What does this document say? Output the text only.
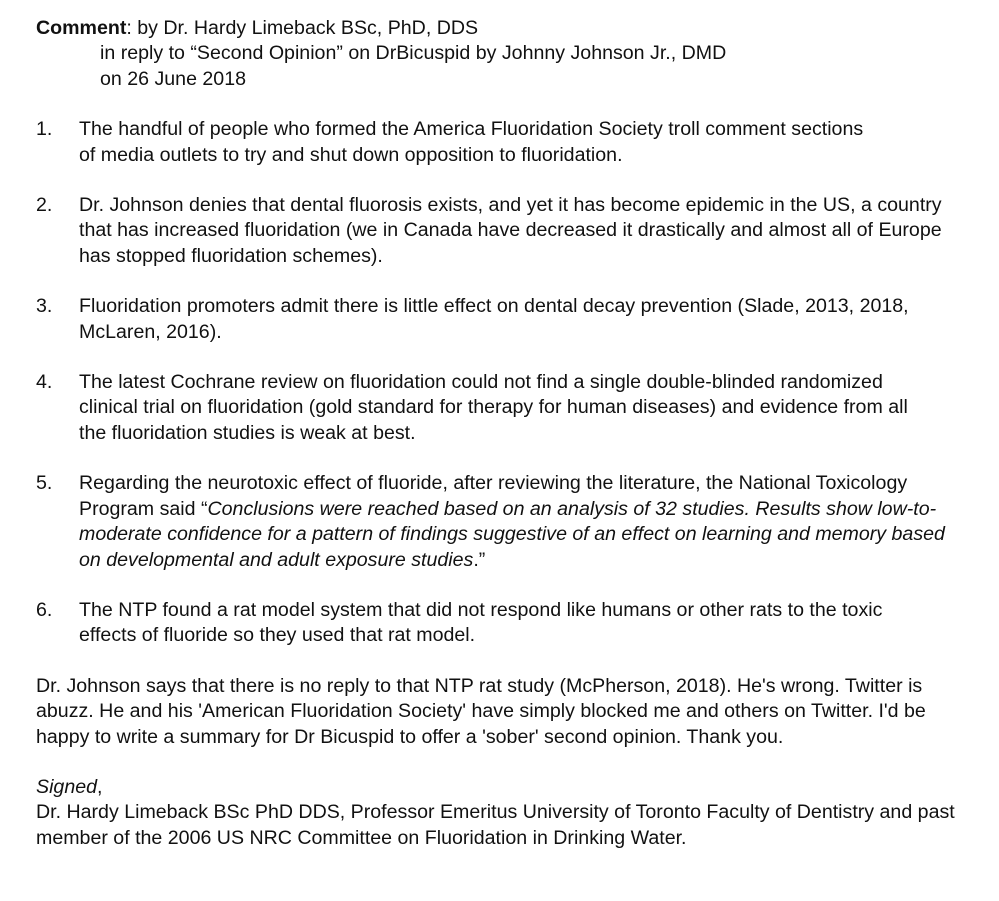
Comment: by Dr. Hardy Limeback BSc, PhD, DDS

in reply to “Second Opinion” on DrBicuspid by Johnny Johnson Jr., DMD

on 26 June 2018

1. The handful of people who formed the America Fluoridation Society troll comment sections of media outlets to try and shut down opposition to fluoridation.
2. Dr. Johnson denies that dental fluorosis exists, and yet it has become epidemic in the US, a country that has increased fluoridation (we in Canada have decreased it drastically and almost all of Europe has stopped fluoridation schemes).
3. Fluoridation promoters admit there is little effect on dental decay prevention (Slade, 2013, 2018, McLaren, 2016).
4. The latest Cochrane review on fluoridation could not find a single double-blinded randomized clinical trial on fluoridation (gold standard for therapy for human diseases) and evidence from all the fluoridation studies is weak at best.
5. Regarding the neurotoxic effect of fluoride, after reviewing the literature, the National Toxicology Program said “Conclusions were reached based on an analysis of 32 studies. Results show low-to-moderate confidence for a pattern of findings suggestive of an effect on learning and memory based on developmental and adult exposure studies.”
6. The NTP found a rat model system that did not respond like humans or other rats to the toxic effects of fluoride so they used that rat model.

Dr. Johnson says that there is no reply to that NTP rat study (McPherson, 2018). He's wrong. Twitter is abuzz. He and his 'American Fluoridation Society' have simply blocked me and others on Twitter. I'd be happy to write a summary for Dr Bicuspid to offer a 'sober' second opinion. Thank you.

Signed,

Dr. Hardy Limeback BSc PhD DDS, Professor Emeritus University of Toronto Faculty of Dentistry and past member of the 2006 US NRC Committee on Fluoridation in Drinking Water.
